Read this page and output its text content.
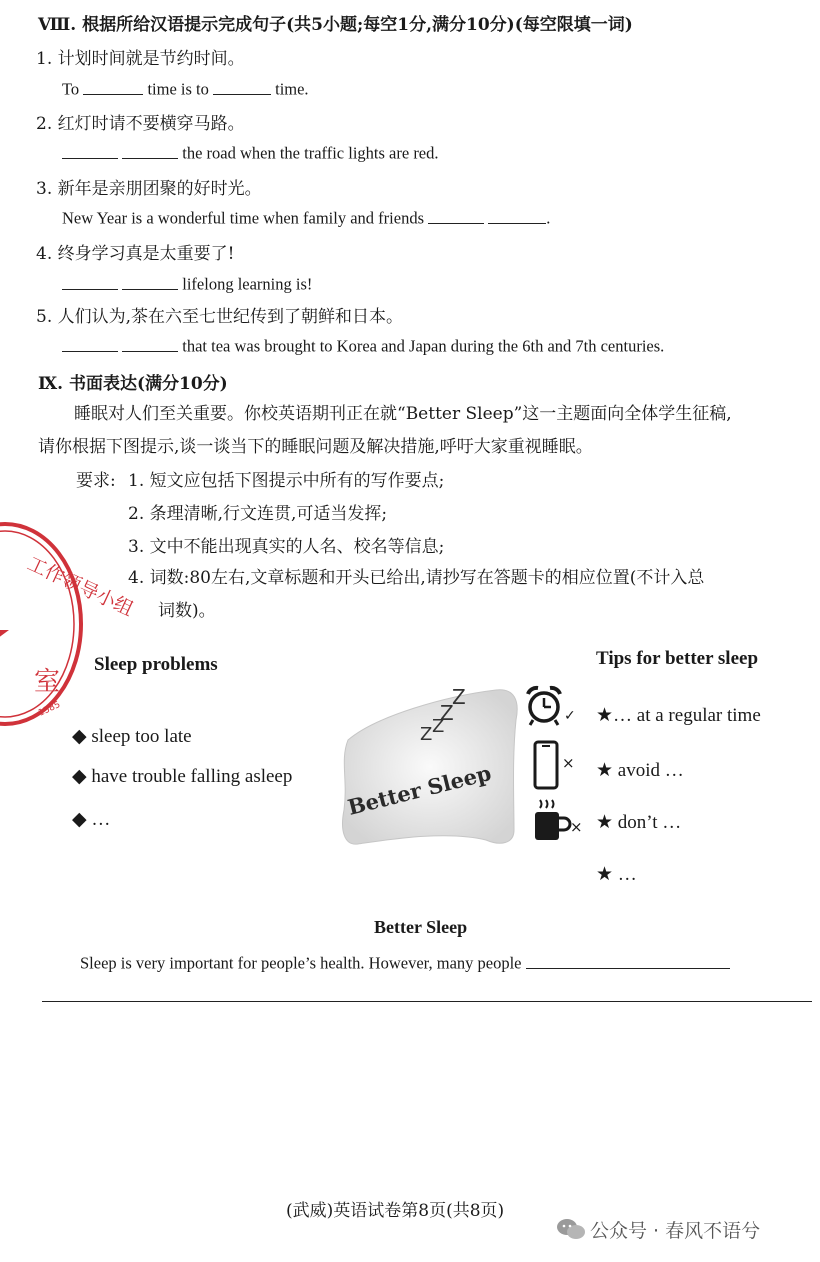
Ⅷ. 根据所给汉语提示完成句子(共5小题;每空1分,满分10分)(每空限填一词)
1. 计划时间就是节约时间。
To	time is to	time.
2. 红灯时请不要横穿马路。
the road when the traffic lights are red.
3. 新年是亲朋团聚的好时光。
New Year is a wonderful time when family and friends	.
4. 终身学习真是太重要了!
lifelong learning is!
5. 人们认为,茶在六至七世纪传到了朝鲜和日本。
that tea was brought to Korea and Japan during the 6th and 7th centuries.
Ⅸ. 书面表达(满分10分)
睡眠对人们至关重要。你校英语期刊正在就“Better Sleep”这一主题面向全体学生征稿,
请你根据下图提示,谈一谈当下的睡眠问题及解决措施,呼吁大家重视睡眠。
要求: 1. 短文应包括下图提示中所有的写作要点;
2. 条理清晰,行文连贯,可适当发挥;
3. 文中不能出现真实的人名、校名等信息;
4. 词数:80左右,文章标题和开头已给出,请抄写在答题卡的相应位置(不计入总
词数)。
工作领导小组
室
1585
Sleep problems
◆ sleep too late
◆ have trouble falling asleep
◆ …
Z
Z
Z Z
Better Sleep
Tips for better sleep
✓ ★… at a regular time
× ★ avoid …
× ★ don’t …
★ …
Better Sleep
Sleep is very important for people’s health. However, many people
(武威)英语试卷第8页(共8页)
公众号 · 春风不语兮
